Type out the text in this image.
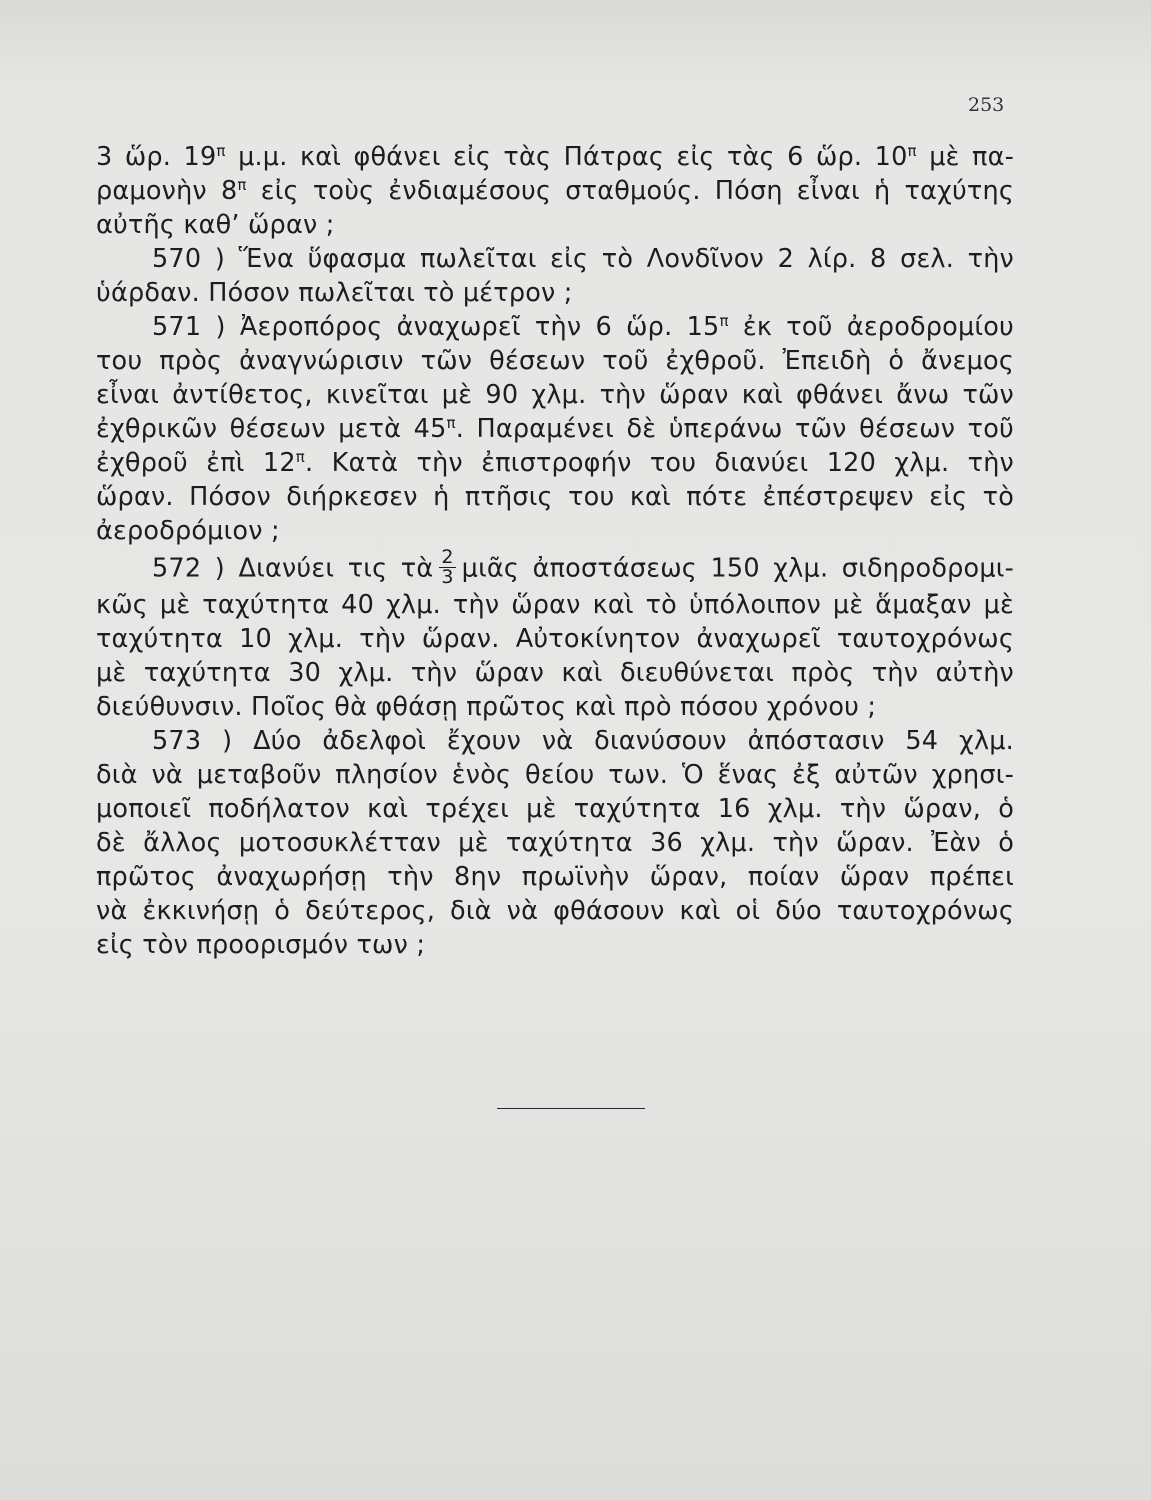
253
3 ὥρ. $19^\pi$ μ.μ. καὶ φθάνει εἰς τὰς Πάτρας εἰς τὰς 6 ὥρ. $10^\pi$ μὲ πα-
ραμονὴν $8^\pi$ εἰς τοὺς ἐνδιαμέσους σταθμούς. Πόση εἶναι ἡ ταχύτης
αὐτῆς καθ’ ὥραν ;
570 ) Ἕνα ὕφασμα πωλεῖται εἰς τὸ Λονδῖνον 2 λίρ. 8 σελ. τὴν
ὑάρδαν. Πόσον πωλεῖται τὸ μέτρον ;
571 ) Ἀεροπόρος ἀναχωρεῖ τὴν 6 ὥρ. $15^\pi$ ἐκ τοῦ ἀεροδρομίου
του πρὸς ἀναγνώρισιν τῶν θέσεων τοῦ ἐχθροῦ. Ἐπειδὴ ὁ ἄνεμος
εἶναι ἀντίθετος, κινεῖται μὲ 90 χλμ. τὴν ὥραν καὶ φθάνει ἄνω τῶν
ἐχθρικῶν θέσεων μετὰ $45^\pi$. Παραμένει δὲ ὑπεράνω τῶν θέσεων τοῦ
ἐχθροῦ ἐπὶ $12^\pi$. Κατὰ τὴν ἐπιστροφήν του διανύει 120 χλμ. τὴν
ὥραν. Πόσον διήρκεσεν ἡ πτῆσις του καὶ πότε ἐπέστρεψεν εἰς τὸ
ἀεροδρόμιον ;
572 ) Διανύει τις τὰ $\frac{2}{3}$ μιᾶς ἀποστάσεως 150 χλμ. σιδηροδρομι-
κῶς μὲ ταχύτητα 40 χλμ. τὴν ὥραν καὶ τὸ ὑπόλοιπον μὲ ἅμαξαν μὲ
ταχύτητα 10 χλμ. τὴν ὥραν. Αὐτοκίνητον ἀναχωρεῖ ταυτοχρόνως
μὲ ταχύτητα 30 χλμ. τὴν ὥραν καὶ διευθύνεται πρὸς τὴν αὐτὴν
διεύθυνσιν. Ποῖος θὰ φθάσῃ πρῶτος καὶ πρὸ πόσου χρόνου ;
573 ) Δύο ἀδελφοὶ ἔχουν νὰ διανύσουν ἀπόστασιν 54 χλμ.
διὰ νὰ μεταβοῦν πλησίον ἑνὸς θείου των. Ὁ ἕνας ἐξ αὐτῶν χρησι-
μοποιεῖ ποδήλατον καὶ τρέχει μὲ ταχύτητα 16 χλμ. τὴν ὥραν, ὁ
δὲ ἄλλος μοτοσυκλέτταν μὲ ταχύτητα 36 χλμ. τὴν ὥραν. Ἐὰν ὁ
πρῶτος ἀναχωρήσῃ τὴν 8ην πρωϊνὴν ὥραν, ποίαν ὥραν πρέπει
νὰ ἐκκινήσῃ ὁ δεύτερος, διὰ νὰ φθάσουν καὶ οἱ δύο ταυτοχρόνως
εἰς τὸν προορισμόν των ;
